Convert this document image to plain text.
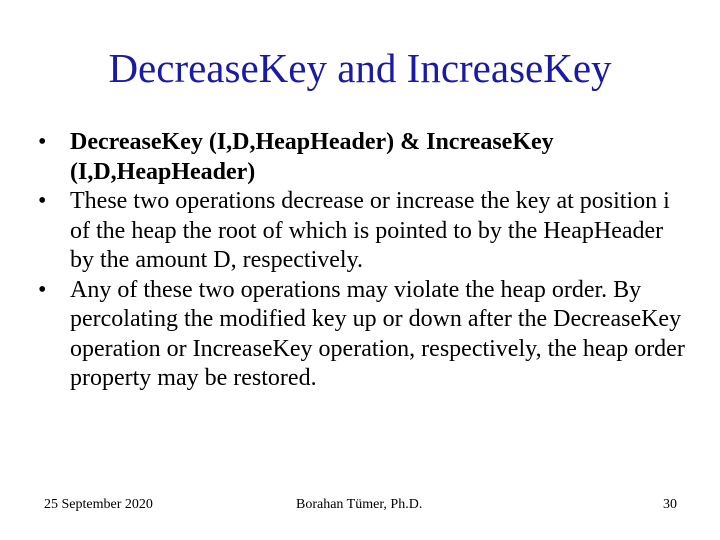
DecreaseKey and IncreaseKey
• DecreaseKey (I,D,HeapHeader) & IncreaseKey (I,D,HeapHeader)
• These two operations decrease or increase the key at position i of the heap the root of which is pointed to by the HeapHeader by the amount D, respectively.
• Any of these two operations may violate the heap order. By percolating the modified key up or down after the DecreaseKey operation or IncreaseKey operation, respectively, the heap order property may be restored.
25 September 2020	Borahan Tümer, Ph.D.	30
